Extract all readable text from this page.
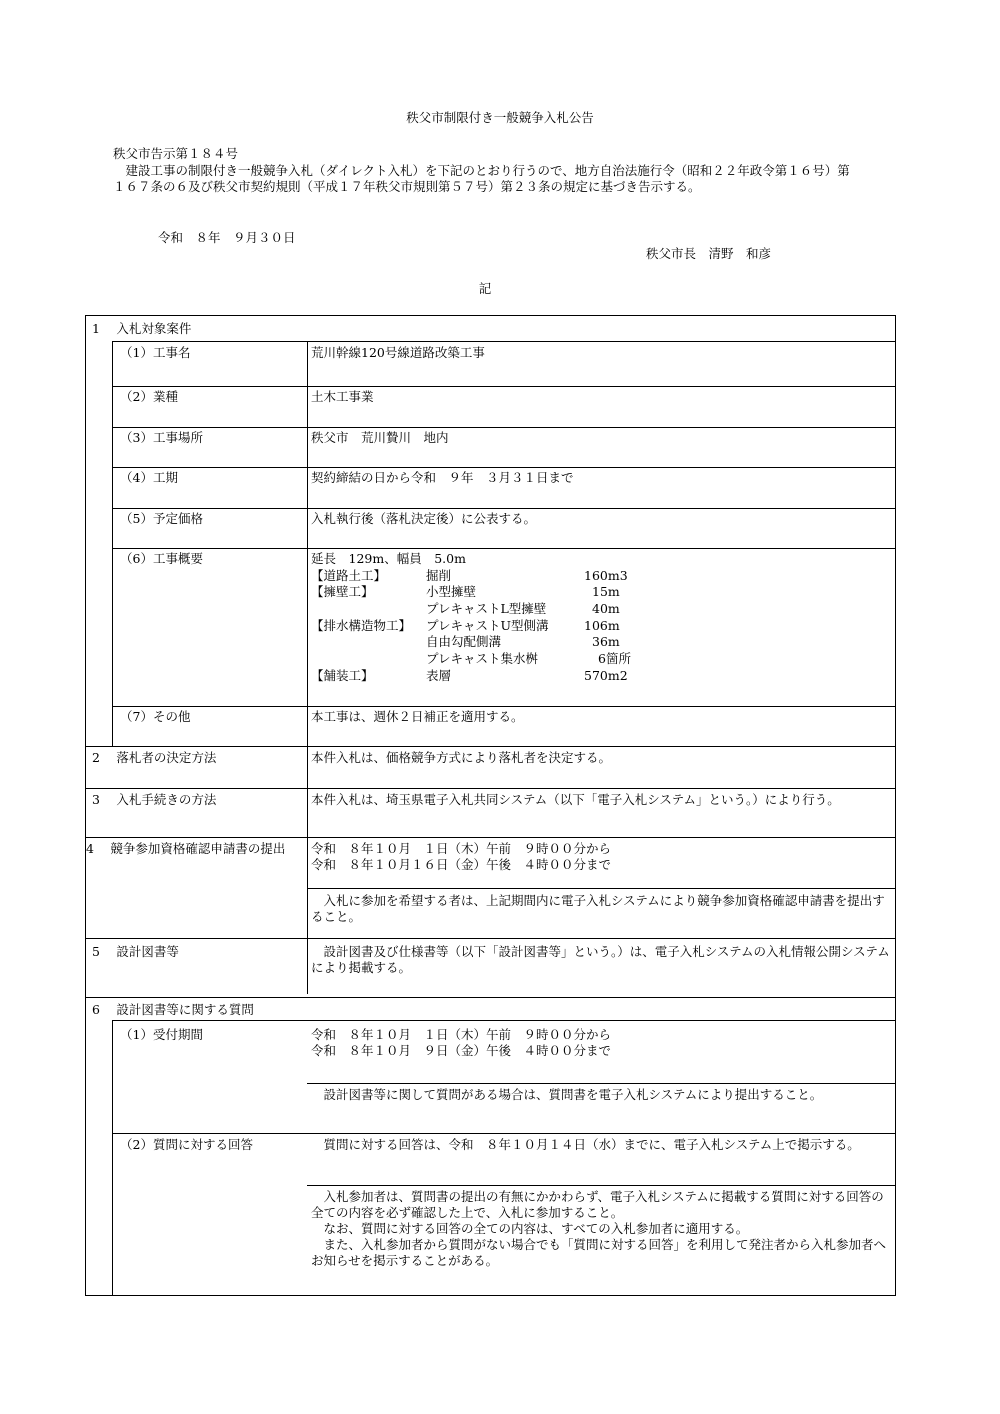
秩父市制限付き一般競争入札公告
秩父市告示第１８４号
　建設工事の制限付き一般競争入札（ダイレクト入札）を下記のとおり行うので、地方自治法施行令（昭和２２年政令第１６号）第１６７条の６及び秩父市契約規則（平成１７年秩父市規則第５７号）第２３条の規定に基づき告示する。
令和　８年　９月３０日
秩父市長　清野　和彦
記
1　 入札対象案件
（1）工事名	荒川幹線120号線道路改築工事
（2）業種	土木工事業
（3）工事場所	秩父市　荒川贄川　地内
（4）工期	契約締結の日から令和　９年　３月３１日まで
（5）予定価格	入札執行後（落札決定後）に公表する。
（6）工事概要	延長　129m、幅員　5.0m
【道路土工】	掘削	160m3
【擁壁工】	小型擁壁	15m
プレキャストL型擁壁	40m
【排水構造物工】 プレキャストU型側溝	106m
自由勾配側溝	36m
プレキャスト集水桝	6箇所
【舗装工】	表層	570m2
（7）その他	本工事は、週休２日補正を適用する。
2　 落札者の決定方法	本件入札は、価格競争方式により落札者を決定する。
3　 入札手続きの方法	本件入札は、埼玉県電子入札共同システム（以下「電子入札システム」という。）により行う。
4　 競争参加資格確認申請書の提出	令和　８年１０月　１日（木）午前　９時００分から
令和　８年１０月１６日（金）午後　４時００分まで
　入札に参加を希望する者は、上記期間内に電子入札システムにより競争参加資格確認申請書を提出すること。
5　 設計図書等	　設計図書及び仕様書等（以下「設計図書等」という。）は、電子入札システムの入札情報公開システムにより掲載する。
6　 設計図書等に関する質問
（1）受付期間	令和　８年１０月　１日（木）午前　９時００分から
令和　８年１０月　９日（金）午後　４時００分まで
　設計図書等に関して質問がある場合は、質問書を電子入札システムにより提出すること。
（2）質問に対する回答	　質問に対する回答は、令和　８年１０月１４日（水）までに、電子入札システム上で掲示する。
　入札参加者は、質問書の提出の有無にかかわらず、電子入札システムに掲載する質問に対する回答の全ての内容を必ず確認した上で、入札に参加すること。
　なお、質問に対する回答の全ての内容は、すべての入札参加者に適用する。
　また、入札参加者から質問がない場合でも「質問に対する回答」を利用して発注者から入札参加者へお知らせを掲示することがある。
